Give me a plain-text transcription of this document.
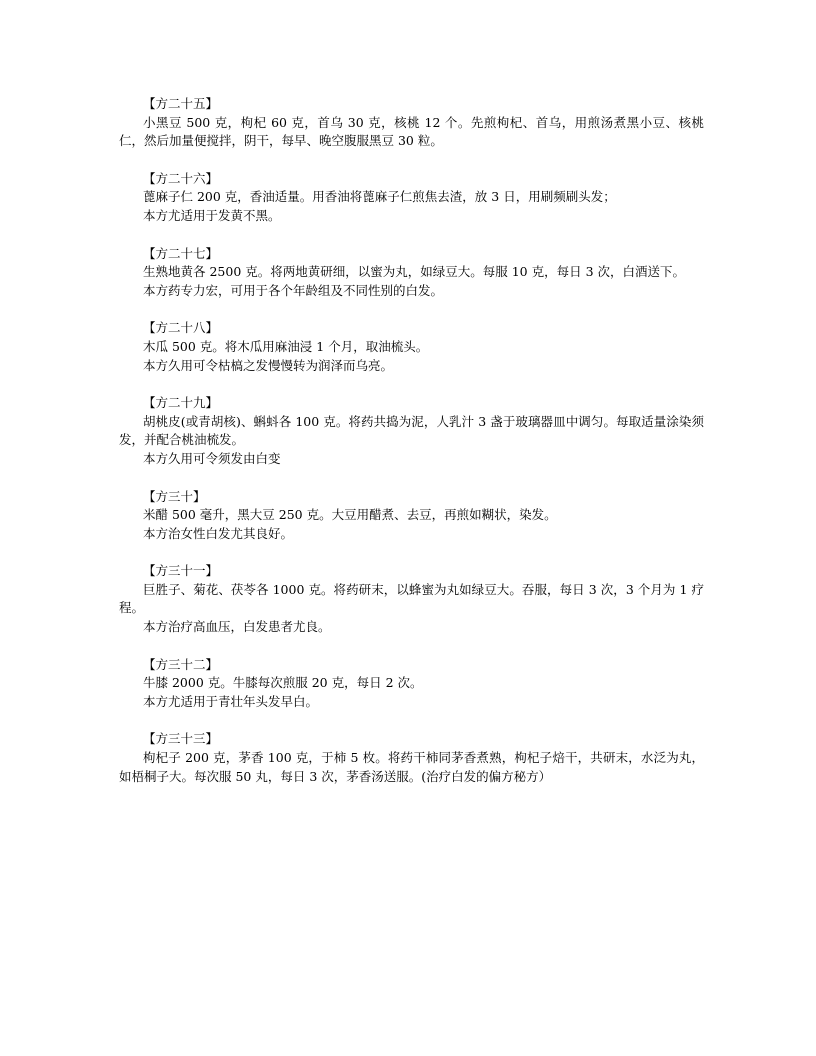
【方二十五】

小黑豆 500 克，枸杞 60 克，首乌 30 克，核桃 12 个。先煎枸杞、首乌，用煎汤煮黑小豆、核桃仁，然后加量便搅拌，阴干，每早、晚空腹服黑豆 30 粒。

【方二十六】

蓖麻子仁 200 克，香油适量。用香油将蓖麻子仁煎焦去渣，放 3 日，用刷频刷头发；

本方尤适用于发黄不黑。

【方二十七】

生熟地黄各 2500 克。将两地黄研细，以蜜为丸，如绿豆大。每服 10 克，每日 3 次，白酒送下。

本方药专力宏，可用于各个年龄组及不同性别的白发。

【方二十八】

木瓜 500 克。将木瓜用麻油浸 1 个月，取油梳头。

本方久用可令枯槁之发慢慢转为润泽而乌亮。

【方二十九】

胡桃皮(或青胡核)、蝌蚪各 100 克。将药共捣为泥，人乳汁 3 盏于玻璃器皿中调匀。每取适量涂染须发，并配合桃油梳发。

本方久用可令须发由白变

【方三十】

米醋 500 毫升，黑大豆 250 克。大豆用醋煮、去豆，再煎如糊状，染发。

本方治女性白发尤其良好。

【方三十一】

巨胜子、菊花、茯苓各 1000 克。将药研末，以蜂蜜为丸如绿豆大。吞服，每日 3 次，3 个月为 1 疗程。

本方治疗高血压，白发患者尤良。

【方三十二】

牛膝 2000 克。牛膝每次煎服 20 克，每日 2 次。

本方尤适用于青壮年头发早白。

【方三十三】

枸杞子 200 克，茅香 100 克，于柿 5 枚。将药干柿同茅香煮熟，枸杞子焙干，共研末，水泛为丸，如梧桐子大。每次服 50 丸，每日 3 次，茅香汤送服。(治疗白发的偏方秘方）
